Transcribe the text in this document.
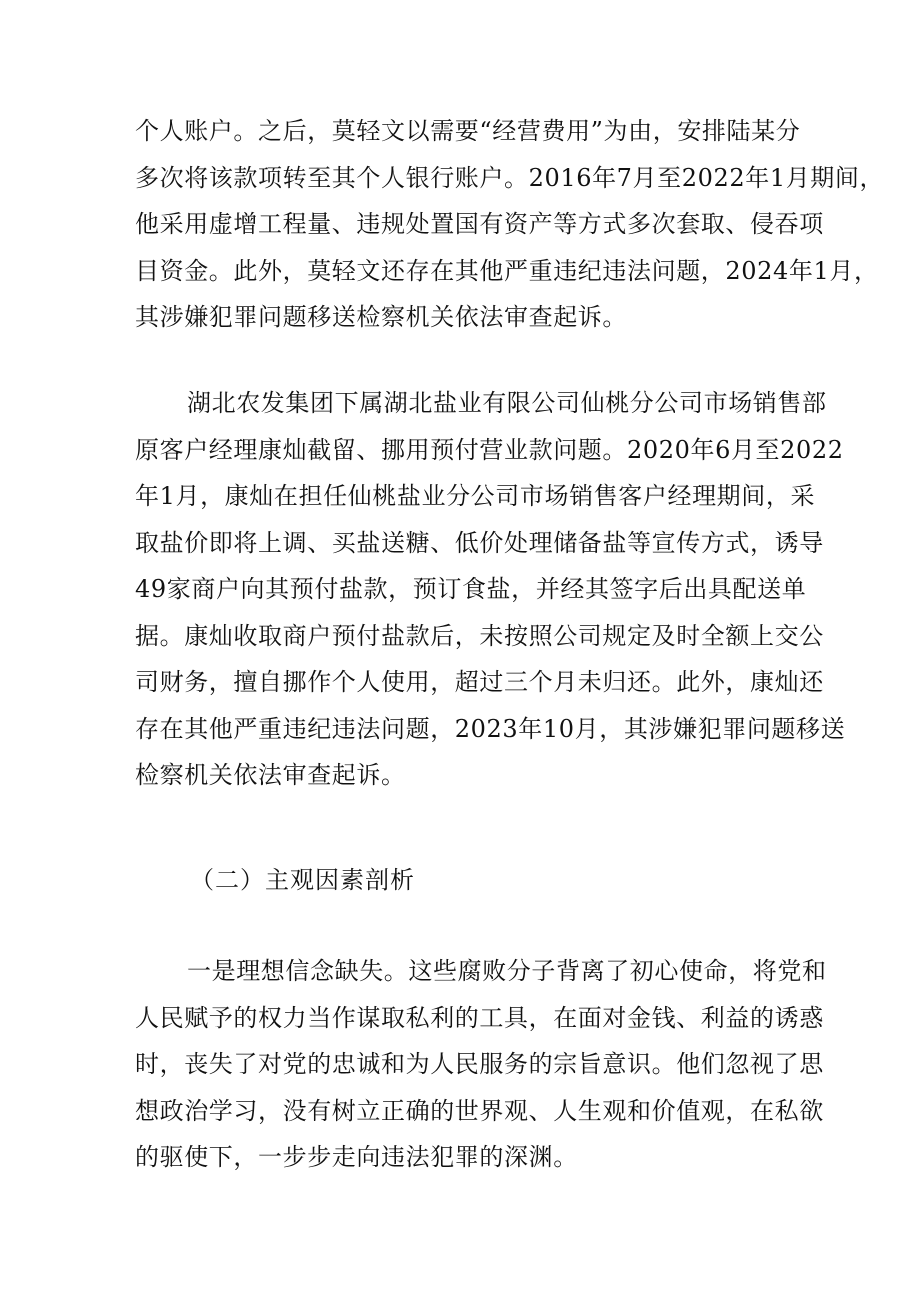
个人账户。之后，莫轻文以需要“经营费用”为由，安排陆某分
多次将该款项转至其个人银行账户。2016年7月至2022年1月期间，
他采用虚增工程量、违规处置国有资产等方式多次套取、侵吞项
目资金。此外，莫轻文还存在其他严重违纪违法问题，2024年1月，
其涉嫌犯罪问题移送检察机关依法审查起诉。
湖北农发集团下属湖北盐业有限公司仙桃分公司市场销售部
原客户经理康灿截留、挪用预付营业款问题。2020年6月至2022
年1月，康灿在担任仙桃盐业分公司市场销售客户经理期间，采
取盐价即将上调、买盐送糖、低价处理储备盐等宣传方式，诱导
49家商户向其预付盐款，预订食盐，并经其签字后出具配送单
据。康灿收取商户预付盐款后，未按照公司规定及时全额上交公
司财务，擅自挪作个人使用，超过三个月未归还。此外，康灿还
存在其他严重违纪违法问题，2023年10月，其涉嫌犯罪问题移送
检察机关依法审查起诉。
（二）主观因素剖析
一是理想信念缺失。这些腐败分子背离了初心使命，将党和
人民赋予的权力当作谋取私利的工具，在面对金钱、利益的诱惑
时，丧失了对党的忠诚和为人民服务的宗旨意识。他们忽视了思
想政治学习，没有树立正确的世界观、人生观和价值观，在私欲
的驱使下，一步步走向违法犯罪的深渊。
